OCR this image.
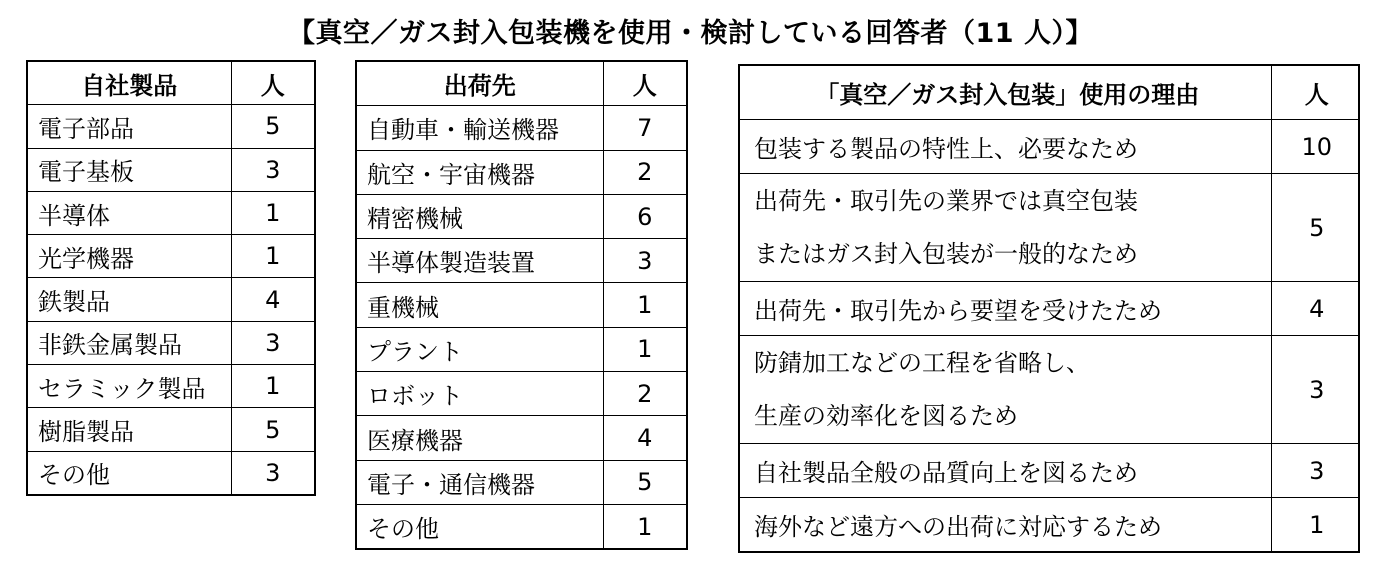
【真空／ガス封入包装機を使用・検討している回答者（11 人）】
自社製品	人
電子部品	5
電子基板	3
半導体	1
光学機器	1
鉄製品	4
非鉄金属製品	3
セラミック製品	1
樹脂製品	5
その他	3
出荷先	人
自動車・輸送機器	7
航空・宇宙機器	2
精密機械	6
半導体製造装置	3
重機械	1
プラント	1
ロボット	2
医療機器	4
電子・通信機器	5
その他	1
「真空／ガス封入包装」使用の理由	人
包装する製品の特性上、必要なため	10

出荷先・取引先の業界では真空包装
またはガス封入包装が一般的なため	5
出荷先・取引先から要望を受けたため	4

防錆加工などの工程を省略し、
生産の効率化を図るため	3
自社製品全般の品質向上を図るため	3
海外など遠方への出荷に対応するため	1
